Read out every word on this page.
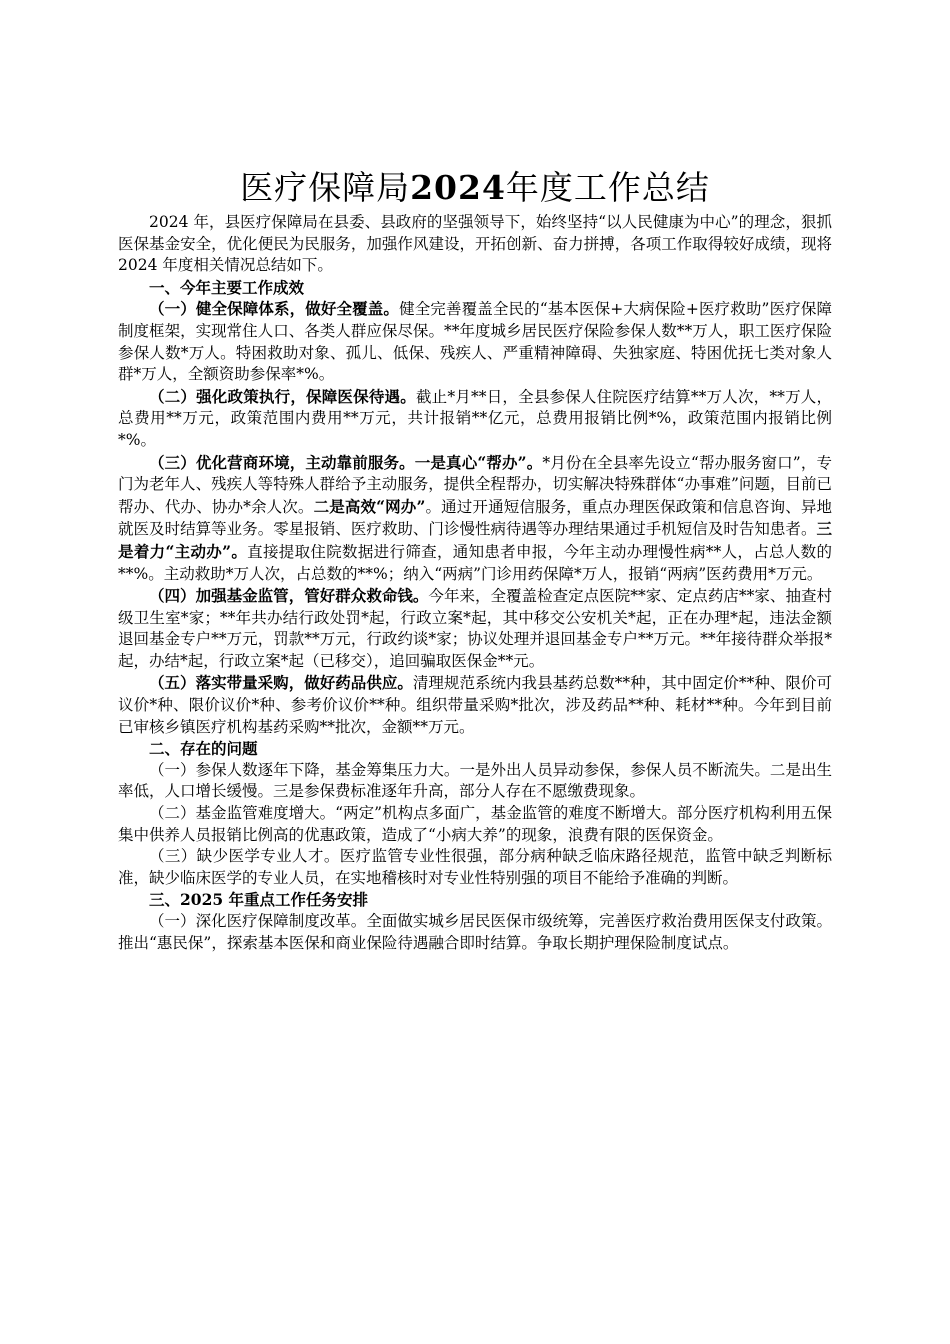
医疗保障局2024年度工作总结

2024 年，县医疗保障局在县委、县政府的坚强领导下，始终坚持“以人民健康为中心”的理念，狠抓医保基金安全，优化便民为民服务，加强作风建设，开拓创新、奋力拼搏，各项工作取得较好成绩，现将 2024 年度相关情况总结如下。

一、今年主要工作成效

（一）健全保障体系，做好全覆盖。健全完善覆盖全民的“基本医保+大病保险+医疗救助”医疗保障制度框架，实现常住人口、各类人群应保尽保。**年度城乡居民医疗保险参保人数**万人，职工医疗保险参保人数*万人。特困救助对象、孤儿、低保、残疾人、严重精神障碍、失独家庭、特困优抚七类对象人群*万人，全额资助参保率*%。

（二）强化政策执行，保障医保待遇。截止*月**日，全县参保人住院医疗结算**万人次，**万人，总费用**万元，政策范围内费用**万元，共计报销**亿元，总费用报销比例*%，政策范围内报销比例*%。

（三）优化营商环境，主动靠前服务。一是真心“帮办”。*月份在全县率先设立“帮办服务窗口”，专门为老年人、残疾人等特殊人群给予主动服务，提供全程帮办，切实解决特殊群体“办事难”问题，目前已帮办、代办、协办*余人次。二是高效“网办”。通过开通短信服务，重点办理医保政策和信息咨询、异地就医及时结算等业务。零星报销、医疗救助、门诊慢性病待遇等办理结果通过手机短信及时告知患者。三是着力“主动办”。直接提取住院数据进行筛查，通知患者申报，今年主动办理慢性病**人，占总人数的**%。主动救助*万人次，占总数的**%；纳入“两病”门诊用药保障*万人，报销“两病”医药费用*万元。

（四）加强基金监管，管好群众救命钱。今年来，全覆盖检查定点医院**家、定点药店**家、抽查村级卫生室*家；**年共办结行政处罚*起，行政立案*起，其中移交公安机关*起，正在办理*起，违法金额退回基金专户**万元，罚款**万元，行政约谈*家；协议处理并退回基金专户**万元。**年接待群众举报*起，办结*起，行政立案*起（已移交），追回骗取医保金**元。

（五）落实带量采购，做好药品供应。清理规范系统内我县基药总数**种，其中固定价**种、限价可议价*种、限价议价*种、参考价议价**种。组织带量采购*批次，涉及药品**种、耗材**种。今年到目前已审核乡镇医疗机构基药采购**批次，金额**万元。

二、存在的问题

（一）参保人数逐年下降，基金筹集压力大。一是外出人员异动参保，参保人员不断流失。二是出生率低，人口增长缓慢。三是参保费标准逐年升高，部分人存在不愿缴费现象。

（二）基金监管难度增大。“两定”机构点多面广，基金监管的难度不断增大。部分医疗机构利用五保集中供养人员报销比例高的优惠政策，造成了“小病大养”的现象，浪费有限的医保资金。

（三）缺少医学专业人才。医疗监管专业性很强，部分病种缺乏临床路径规范，监管中缺乏判断标准，缺少临床医学的专业人员，在实地稽核时对专业性特别强的项目不能给予准确的判断。

三、2025 年重点工作任务安排

（一）深化医疗保障制度改革。全面做实城乡居民医保市级统筹，完善医疗救治费用医保支付政策。推出“惠民保”，探索基本医保和商业保险待遇融合即时结算。争取长期护理保险制度试点。
